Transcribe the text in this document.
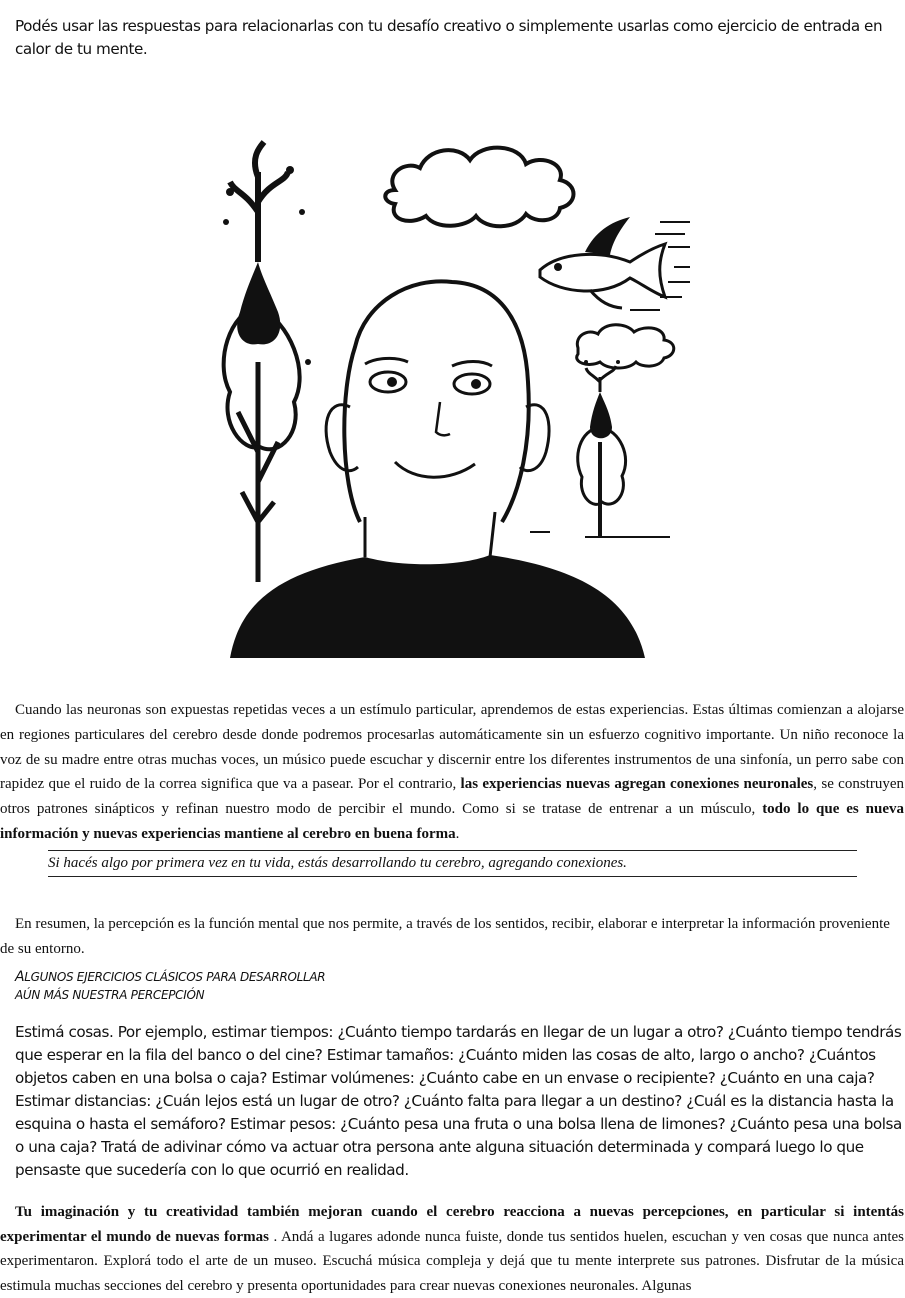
Podés usar las respuestas para relacionarlas con tu desafío creativo o simplemente usarlas como ejercicio de entrada en calor de tu mente.

Cuando las neuronas son expuestas repetidas veces a un estímulo particular, aprendemos de estas experiencias. Estas últimas comienzan a alojarse en regiones particulares del cerebro desde donde podremos procesarlas automáticamente sin un esfuerzo cognitivo importante. Un niño reconoce la voz de su madre entre otras muchas voces, un músico puede escuchar y discernir entre los diferentes instrumentos de una sinfonía, un perro sabe con rapidez que el ruido de la correa significa que va a pasear. Por el contrario, las experiencias nuevas agregan conexiones neuronales, se construyen otros patrones sinápticos y refinan nuestro modo de percibir el mundo. Como si se tratase de entrenar a un músculo, todo lo que es nueva información y nuevas experiencias mantiene al cerebro en buena forma.

Si hacés algo por primera vez en tu vida, estás desarrollando tu cerebro, agregando conexiones.

En resumen, la percepción es la función mental que nos permite, a través de los sentidos, recibir, elaborar e interpretar la información proveniente de su entorno.

ALGUNOS EJERCICIOS CLÁSICOS PARA DESARROLLAR
AÚN MÁS NUESTRA PERCEPCIÓN

Estimá cosas. Por ejemplo, estimar tiempos: ¿Cuánto tiempo tardarás en llegar de un lugar a otro? ¿Cuánto tiempo tendrás que esperar en la fila del banco o del cine? Estimar tamaños: ¿Cuánto miden las cosas de alto, largo o ancho? ¿Cuántos objetos caben en una bolsa o caja? Estimar volúmenes: ¿Cuánto cabe en un envase o recipiente? ¿Cuánto en una caja? Estimar distancias: ¿Cuán lejos está un lugar de otro? ¿Cuánto falta para llegar a un destino? ¿Cuál es la distancia hasta la esquina o hasta el semáforo? Estimar pesos: ¿Cuánto pesa una fruta o una bolsa llena de limones? ¿Cuánto pesa una bolsa o una caja? Tratá de adivinar cómo va actuar otra persona ante alguna situación determinada y compará luego lo que pensaste que sucedería con lo que ocurrió en realidad.

Tu imaginación y tu creatividad también mejoran cuando el cerebro reacciona a nuevas percepciones, en particular si intentás experimentar el mundo de nuevas formas . Andá a lugares adonde nunca fuiste, donde tus sentidos huelen, escuchan y ven cosas que nunca antes experimentaron. Explorá todo el arte de un museo. Escuchá música compleja y dejá que tu mente interprete sus patrones. Disfrutar de la música estimula muchas secciones del cerebro y presenta oportunidades para crear nuevas conexiones neuronales. Algunas
